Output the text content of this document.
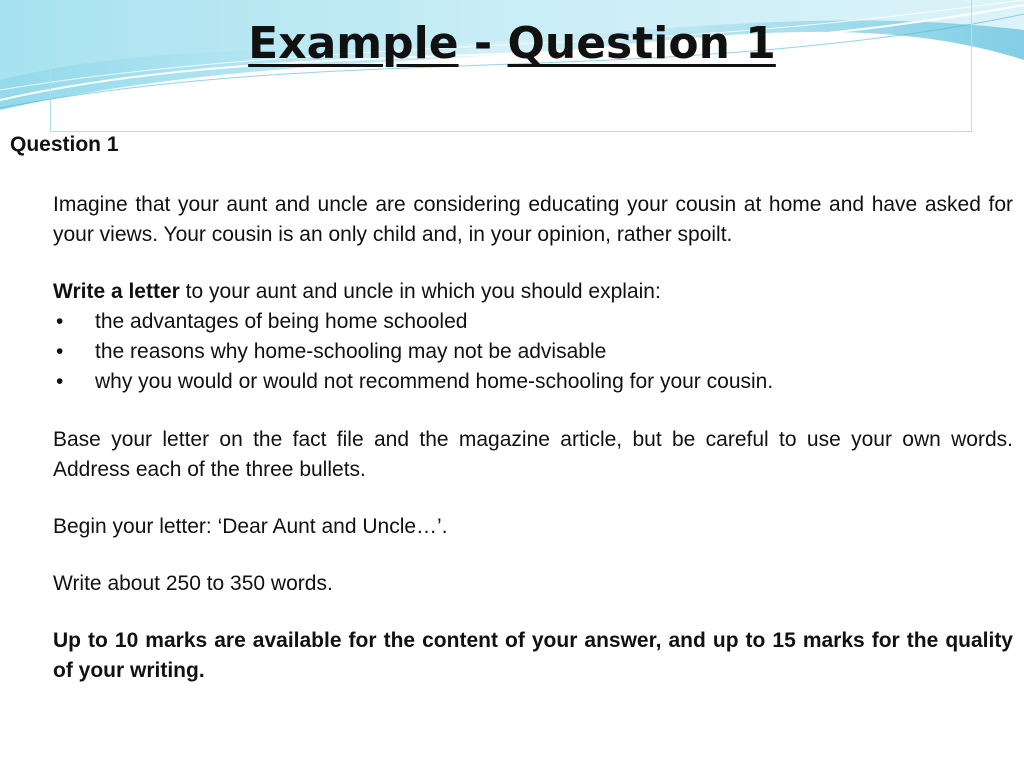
Example - Question 1

Question 1

Imagine that your aunt and uncle are considering educating your cousin at home and have asked for your views. Your cousin is an only child and, in your opinion, rather spoilt.

Write a letter to your aunt and uncle in which you should explain:

• the advantages of being home schooled
• the reasons why home-schooling may not be advisable
• why you would or would not recommend home-schooling for your cousin.

Base your letter on the fact file and the magazine article, but be careful to use your own words. Address each of the three bullets.

Begin your letter: ‘Dear Aunt and Uncle…’.

Write about 250 to 350 words.

Up to 10 marks are available for the content of your answer, and up to 15 marks for the quality of your writing.
